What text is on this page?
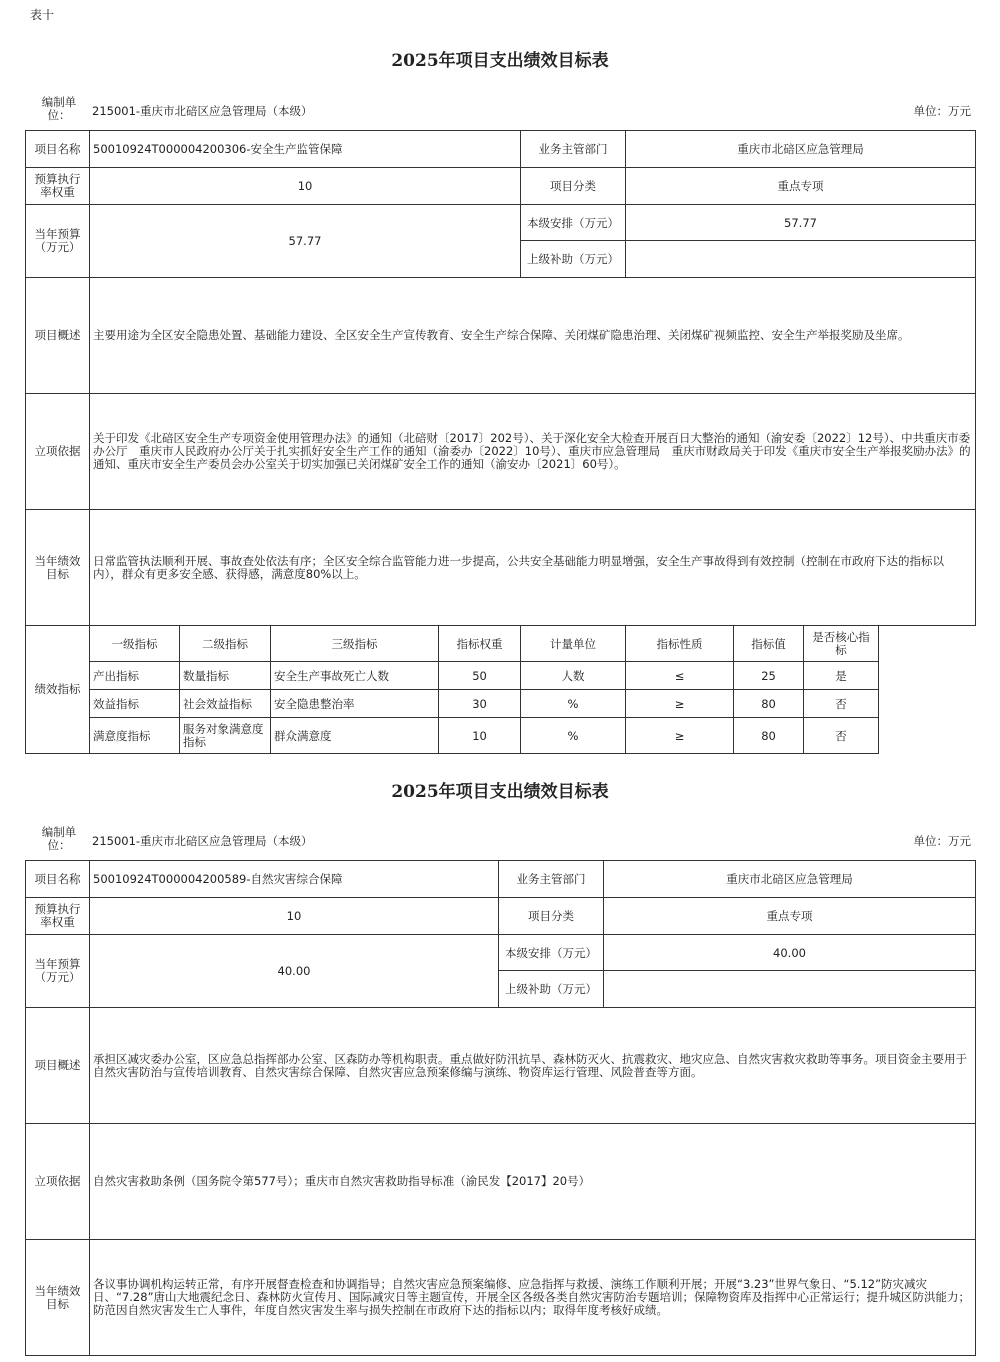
表十
2025年项目支出绩效目标表
编制单位：	215001-重庆市北碚区应急管理局（本级）	单位：万元
项目名称	50010924T000004200306-安全生产监管保障				业务主管部门	重庆市北碚区应急管理局		
预算执行率权重	10				项目分类	重点专项		
当年预算（万元）	57.77				本级安排（万元）	57.77		
					上级补助（万元）			
项目概述	主要用途为全区安全隐患处置、基础能力建设、全区安全生产宣传教育、安全生产综合保障、关闭煤矿隐患治理、关闭煤矿视频监控、安全生产举报奖励及坐席。							
立项依据	关于印发《北碚区安全生产专项资金使用管理办法》的通知（北碚财〔2017〕202号）、关于深化安全大检查开展百日大整治的通知（渝安委〔2022〕12号）、中共重庆市委办公厅　重庆市人民政府办公厅关于扎实抓好安全生产工作的通知（渝委办〔2022〕10号）、重庆市应急管理局　重庆市财政局关于印发《重庆市安全生产举报奖励办法》的通知、重庆市安全生产委员会办公室关于切实加强已关闭煤矿安全工作的通知（渝安办〔2021〕60号）。							
当年绩效目标	日常监管执法顺利开展、事故查处依法有序；全区安全综合监管能力进一步提高，公共安全基础能力明显增强，安全生产事故得到有效控制（控制在市政府下达的指标以内），群众有更多安全感、获得感，满意度80%以上。							
绩效指标	一级指标	二级指标	三级指标	指标权重	计量单位	指标性质	指标值	是否核心指标
	产出指标	数量指标	安全生产事故死亡人数	50	人数	≤	25	是
	效益指标	社会效益指标	安全隐患整治率	30	%	≥	80	否
	满意度指标	服务对象满意度指标	群众满意度	10	%	≥	80	否
2025年项目支出绩效目标表
编制单位：	215001-重庆市北碚区应急管理局（本级）	单位：万元
项目名称	50010924T000004200589-自然灾害综合保障	业务主管部门	重庆市北碚区应急管理局
预算执行率权重	10	项目分类	重点专项
当年预算（万元）	40.00	本级安排（万元）	40.00
		上级补助（万元）	
项目概述	承担区减灾委办公室，区应急总指挥部办公室、区森防办等机构职责。重点做好防汛抗旱、森林防灭火、抗震救灾、地灾应急、自然灾害救灾救助等事务。项目资金主要用于自然灾害防治与宣传培训教育、自然灾害综合保障、自然灾害应急预案修编与演练、物资库运行管理、风险普查等方面。		
立项依据	自然灾害救助条例（国务院令第577号）；重庆市自然灾害救助指导标准（渝民发【2017】20号）		
当年绩效目标	各议事协调机构运转正常，有序开展督查检查和协调指导；自然灾害应急预案编修、应急指挥与救援、演练工作顺利开展；开展“3.23”世界气象日、“5.12”防灾减灾日、“7.28”唐山大地震纪念日、森林防火宣传月、国际减灾日等主题宣传，开展全区各级各类自然灾害防治专题培训；保障物资库及指挥中心正常运行；提升城区防洪能力；防范因自然灾害发生亡人事件，年度自然灾害发生率与损失控制在市政府下达的指标以内；取得年度考核好成绩。		
